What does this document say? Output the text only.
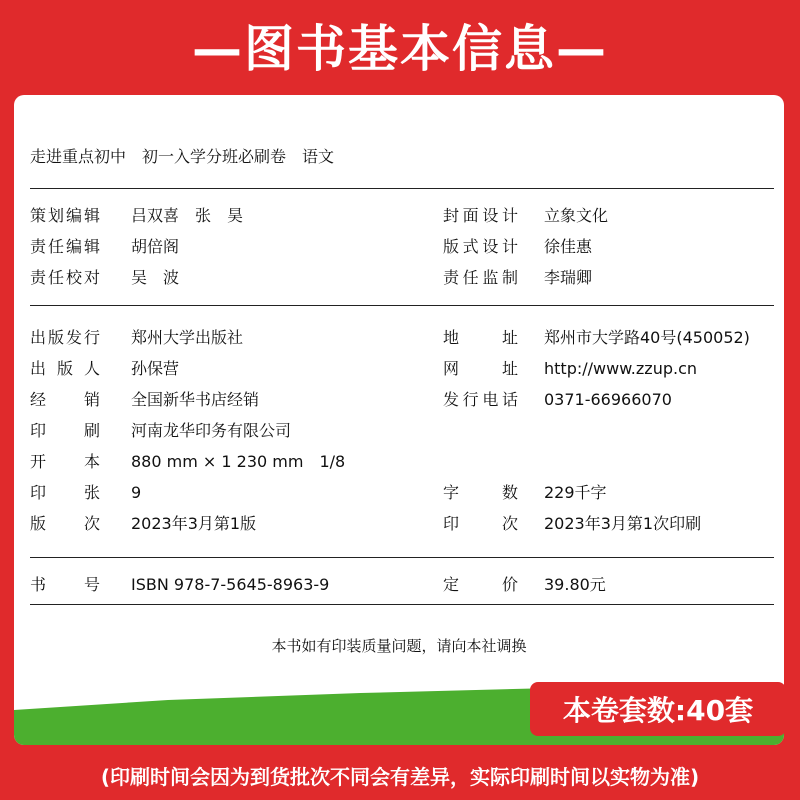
—图书基本信息—
走进重点初中　初一入学分班必刷卷　语文
策 划 编 辑 吕双喜　张　昊	封 面 设 计 立象文化
责 任 编 辑 胡倍阁	版 式 设 计 徐佳惠
责 任 校 对 吴　波	责 任 监 制 李瑞卿
出 版 发 行 郑州大学出版社	地	址 郑州市大学路40号(450052)
出 版 人 孙保营	网	址 http://www.zzup.cn
经 销 全国新华书店经销	发 行 电 话 0371-66966070
印 刷 河南龙华印务有限公司
开 本 880 mm × 1 230 mm　1/8
印 张 9	字	数 229千字
版 次 2023年3月第1版	印	次 2023年3月第1次印刷
书 号 ISBN 978-7-5645-8963-9	定	价 39.80元
本书如有印装质量问题，请向本社调换
本卷套数:40套
(印刷时间会因为到货批次不同会有差异，实际印刷时间以实物为准)
